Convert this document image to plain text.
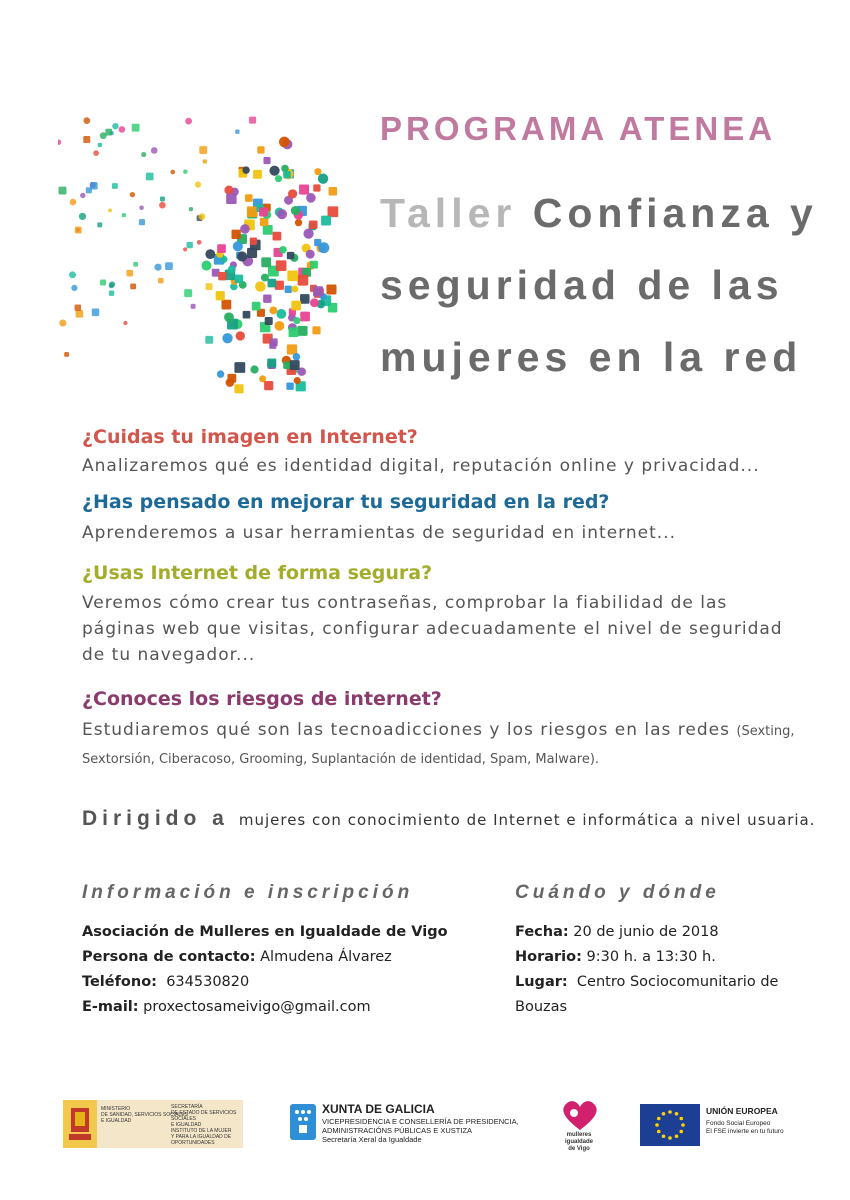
PROGRAMA ATENEA
Taller Confianza y
seguridad de las
mujeres en la red
¿Cuidas tu imagen en Internet?
Analizaremos qué es identidad digital, reputación online y privacidad...
¿Has pensado en mejorar tu seguridad en la red?
Aprenderemos a usar herramientas de seguridad en internet...
¿Usas Internet de forma segura?
Veremos cómo crear tus contraseñas, comprobar la fiabilidad de las páginas web que visitas, configurar adecuadamente el nivel de seguridad de tu navegador...
¿Conoces los riesgos de internet?
Estudiaremos qué son las tecnoadicciones y los riesgos en las redes (Sexting, Sextorsión, Ciberacoso, Grooming, Suplantación de identidad, Spam, Malware).
Dirigido a mujeres con conocimiento de Internet e informática a nivel usuaria.
Información e inscripción	Cuándo y dónde
Asociación de Mulleres en Igualdade de Vigo
Persona de contacto: Almudena Álvarez
Teléfono: 634530820
E-mail: proxectosameivigo@gmail.com
Fecha: 20 de junio de 2018
Horario: 9:30 h. a 13:30 h.
Lugar: Centro Sociocomunitario de
Bouzas
MINISTERIO
DE SANIDAD, SERVICIOS SOCIALES
E IGUALDAD
SECRETARÍA
DE ESTADO DE SERVICIOS SOCIALES
E IGUALDAD
INSTITUTO DE LA MUJER
Y PARA LA IGUALDAD DE OPORTUNIDADES
XUNTA DE GALICIA
VICEPRESIDENCIA E CONSELLERÍA DE PRESIDENCIA,
ADMINISTRACIÓNS PÚBLICAS E XUSTIZA
Secretaría Xeral da Igualdade	mulleres
igualdade
de Vigo
UNIÓN EUROPEA
Fondo Social Europeo
El FSE invierte en tu futuro
